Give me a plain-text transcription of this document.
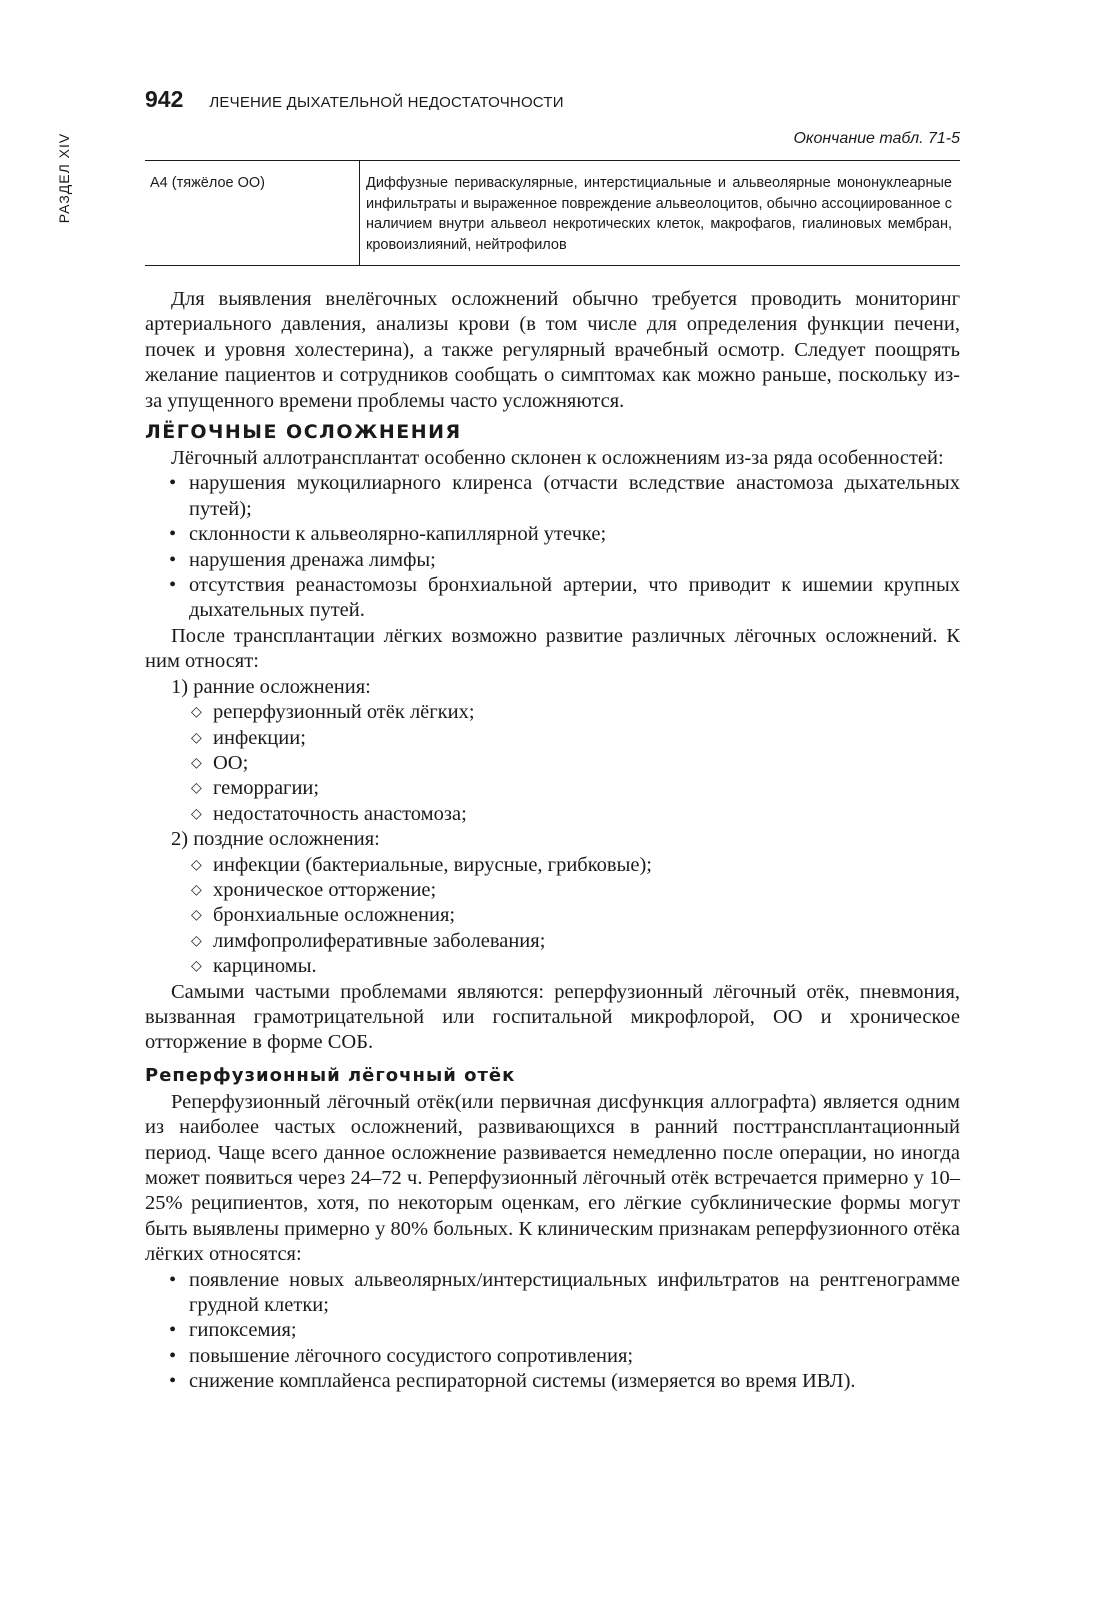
РАЗДЕЛ XIV
942 ЛЕЧЕНИЕ ДЫХАТЕЛЬНОЙ НЕДОСТАТОЧНОСТИ
Окончание табл. 71-5
А4 (тяжёлое ОО)	Диффузные периваскулярные, интерстициальные и альвеолярные мононуклеарные инфильтраты и выраженное повреждение альвеолоцитов, обычно ассоциированное с наличием внутри альвеол некротических клеток, макрофагов, гиалиновых мембран, кровоизлияний, нейтрофилов

Для выявления внелёгочных осложнений обычно требуется проводить мониторинг артериального давления, анализы крови (в том числе для определения функции печени, почек и уровня холестерина), а также регулярный врачебный осмотр. Следует поощрять желание пациентов и сотрудников сообщать о симптомах как можно раньше, поскольку из-за упущенного времени проблемы часто усложняются.

ЛЁГОЧНЫЕ ОСЛОЖНЕНИЯ

Лёгочный аллотрансплантат особенно склонен к осложнениям из-за ряда особенностей:

• нарушения мукоцилиарного клиренса (отчасти вследствие анастомоза дыхательных путей);
• склонности к альвеолярно-капиллярной утечке;
• нарушения дренажа лимфы;
• отсутствия реанастомозы бронхиальной артерии, что приводит к ишемии крупных дыхательных путей.

После трансплантации лёгких возможно развитие различных лёгочных осложнений. К ним относят:

1) ранние осложнения:
◇ реперфузионный отёк лёгких;
◇ инфекции;
◇ ОО;
◇ геморрагии;
◇ недостаточность анастомоза;
2) поздние осложнения:
◇ инфекции (бактериальные, вирусные, грибковые);
◇ хроническое отторжение;
◇ бронхиальные осложнения;
◇ лимфопролиферативные заболевания;
◇ карциномы.

Самыми частыми проблемами являются: реперфузионный лёгочный отёк, пневмония, вызванная грамотрицательной или госпитальной микрофлорой, ОО и хроническое отторжение в форме СОБ.

Реперфузионный лёгочный отёк

Реперфузионный лёгочный отёк(или первичная дисфункция аллографта) является одним из наиболее частых осложнений, развивающихся в ранний посттрансплантационный период. Чаще всего данное осложнение развивается немедленно после операции, но иногда может появиться через 24–72 ч. Реперфузионный лёгочный отёк встречается примерно у 10–25% реципиентов, хотя, по некоторым оценкам, его лёгкие субклинические формы могут быть выявлены примерно у 80% больных. К клиническим признакам реперфузионного отёка лёгких относятся:

• появление новых альвеолярных/интерстициальных инфильтратов на рентгенограмме грудной клетки;
• гипоксемия;
• повышение лёгочного сосудистого сопротивления;
• снижение комплайенса респираторной системы (измеряется во время ИВЛ).
